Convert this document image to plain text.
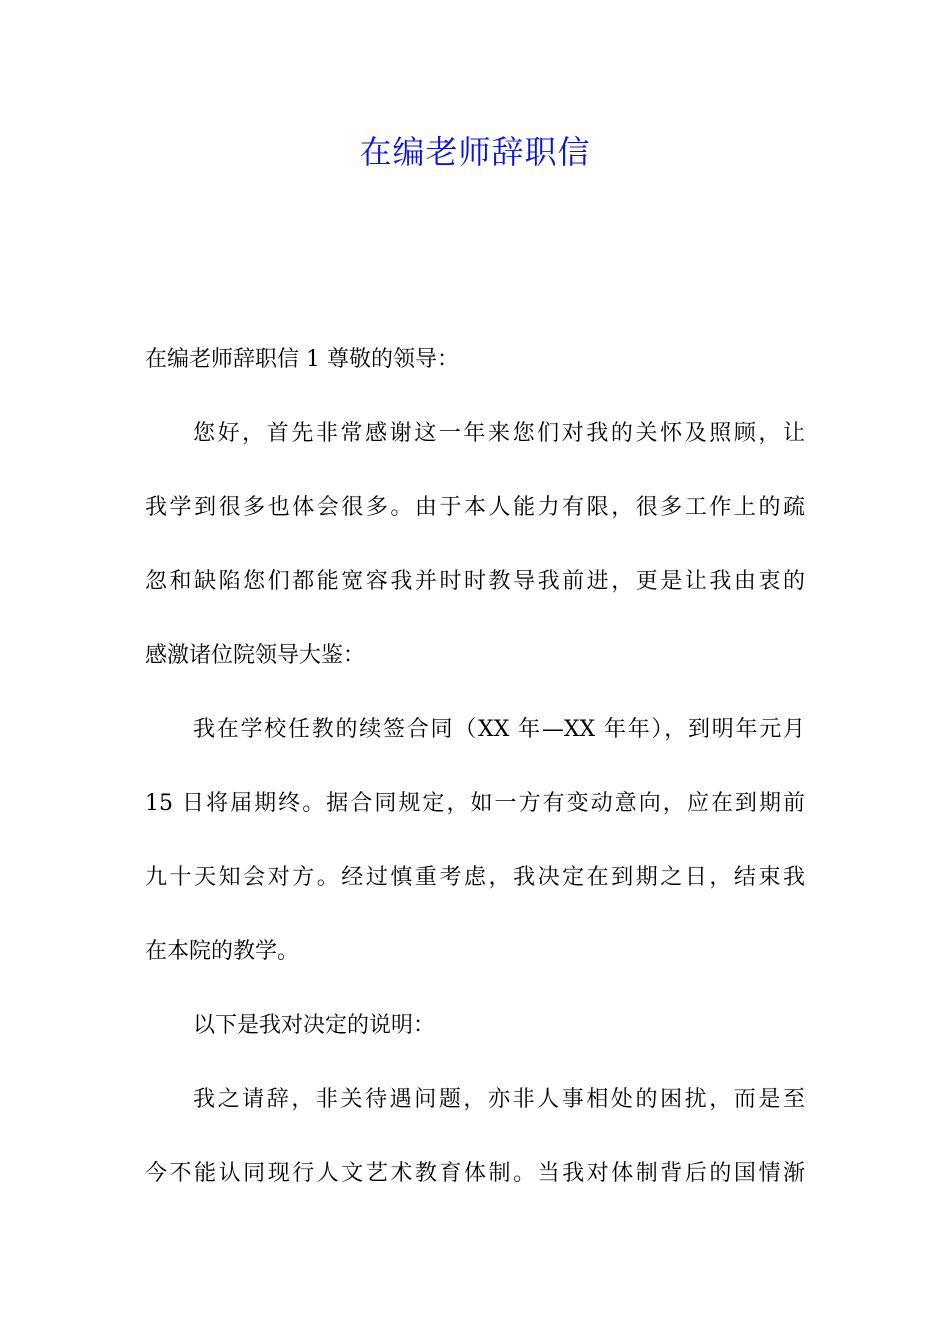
在编老师辞职信
在编老师辞职信 1 尊敬的领导：
您好，首先非常感谢这一年来您们对我的关怀及照顾，让
我学到很多也体会很多。由于本人能力有限，很多工作上的疏
忽和缺陷您们都能宽容我并时时教导我前进，更是让我由衷的
感激诸位院领导大鉴：
我在学校任教的续签合同（XX 年—XX 年年），到明年元月
15 日将届期终。据合同规定，如一方有变动意向，应在到期前
九十天知会对方。经过慎重考虑，我决定在到期之日，结束我
在本院的教学。
以下是我对决定的说明：
我之请辞，非关待遇问题，亦非人事相处的困扰，而是至
今不能认同现行人文艺术教育体制。当我对体制背后的国情渐
